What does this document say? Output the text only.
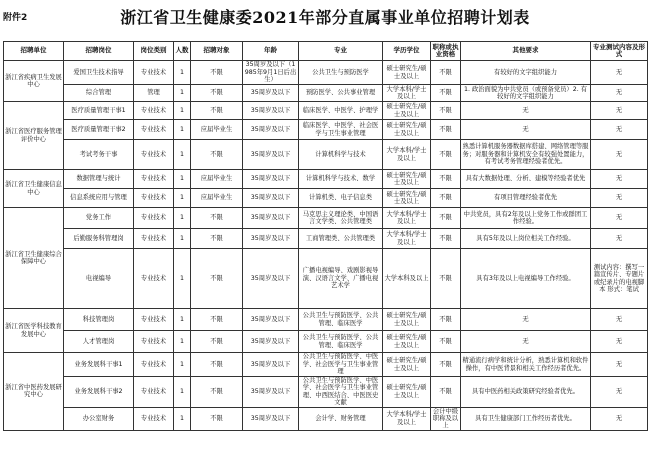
附件2	浙江省卫生健康委2021年部分直属事业单位招聘计划表
招聘单位	招聘岗位	岗位类别	人数	招聘对象	年龄	专业	学历学位	职称或执业资格	其他要求	专业测试内容及形式
浙江省疾病卫生发展中心	爱国卫生技术指导	专业技术	1	不限	35周岁及以下（1985年9月1日后出生）	公共卫生与预防医学	硕士研究生/硕士及以上	不限	有较好的文字组织能力	无
	综合管理	管理	1	不限	35周岁及以下	预防医学、公共事业管理	大学本科/学士及以上	不限	1. 政治面貌为中共党员（或预备党员）2. 有较好的文字组织能力	无
浙江省医疗服务管理评价中心	医疗质量管理干事1	专业技术	1	不限	35周岁及以下	临床医学、中医学、护理学	硕士研究生/硕士及以上	不限	无	无
	医疗质量管理干事2	专业技术	1	应届毕业生	35周岁及以下	临床医学、中医学、社会医学与卫生事业管理	硕士研究生/硕士及以上	不限	无	无
	考试考务干事	专业技术	1	不限	35周岁及以下	计算机科学与技术	大学本科/学士及以上	不限	熟悉计算机服务器数据库搭建、网络管理等服务；对服务器和计算机安全有较强处置能力，有考试考务管理经验者优先。	无
浙江省卫生健康信息中心	数据管理与统计	专业技术	1	应届毕业生	35周岁及以下	计算机科学与技术、数学	硕士研究生/硕士及以上	不限	具有大数据处理、分析、建模等经验者优先	无
	信息系统应用与管理	专业技术	1	应届毕业生	35周岁及以下	计算机类、电子信息类	硕士研究生/硕士及以上	不限	有项目管理经验者优先	无
浙江省卫生健康综合保障中心	党务工作	专业技术	1	不限	35周岁及以下	马克思主义理论类、中国语言文学类、公共管理类	大学本科/学士及以上	不限	中共党员，具有2年及以上党务工作或群团工作经验。	无
	后勤服务科管理岗	专业技术	1	不限	35周岁及以下	工商管理类、公共管理类	大学本科/学士及以上	不限	具有5年及以上岗位相关工作经验。	无
	电视编导	专业技术	1	不限	35周岁及以下	广播电视编导、戏剧影视导演、汉语言文学、广播电视艺术学	大学本科及以上	不限	具有3年及以上电视编导工作经验。	测试内容：撰写一篇宣传片、专题片或纪录片的电视脚本 形式：笔试
浙江省医学科技教育发展中心	科技管理岗	专业技术	1	不限	35周岁及以下	公共卫生与预防医学、公共管理、临床医学	硕士研究生/硕士及以上	不限	无	无
	人才管理岗	专业技术	1	不限	35周岁及以下	公共卫生与预防医学、公共管理、临床医学	硕士研究生/硕士及以上	不限	无	无
浙江省中医药发展研究中心	业务发展科干事1	专业技术	1	不限	35周岁及以下	公共卫生与预防医学、中医学、社会医学与卫生事业管理	硕士研究生/硕士及以上	不限	精通流行病学和统计分析，熟悉计算机和软件操作，有中医背景和相关工作经历者优先。	无
	业务发展科干事2	专业技术	1	不限	35周岁及以下	公共卫生与预防医学、中医学、社会医学与卫生事业管理、中西医结合、中医医史文献	硕士研究生/硕士及以上	不限	具有中医药相关政策研究经验者优先。	无
	办公室财务	专业技术	1	不限	35周岁及以下	会计学、财务管理	大学本科/学士及以上	会计中级职称及以上	具有卫生健康部门工作经历者优先。	无
